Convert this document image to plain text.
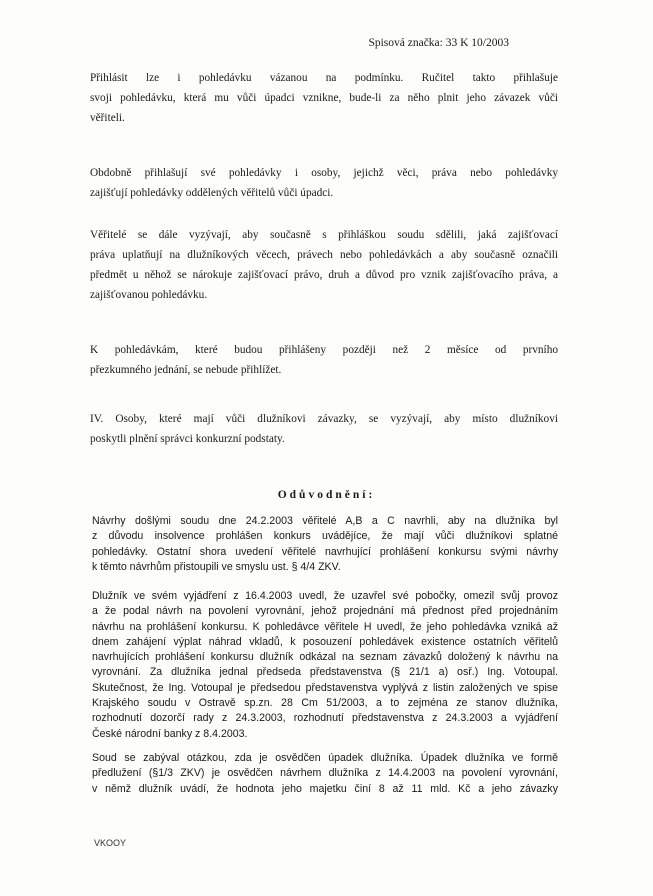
Spisová značka: 33 K 10/2003
Přihlásit lze i pohledávku vázanou na podmínku. Ručitel takto přihlašuje
svoji pohledávku, která mu vůči úpadci vznikne, bude-li za něho plnit jeho závazek vůči
věřiteli.
Obdobně přihlašují své pohledávky i osoby, jejichž věci, práva nebo pohledávky
zajišťují pohledávky oddělených věřitelů vůči úpadci.
Věřitelé se dále vyzývají, aby současně s přihláškou soudu sdělili, jaká zajišťovací
práva uplatňují na dlužníkových věcech, právech nebo pohledávkách a aby současně označili
předmět u něhož se nárokuje zajišťovací právo, druh a důvod pro vznik zajišťovacího práva, a
zajišťovanou pohledávku.
K pohledávkám, které budou přihlášeny později než 2 měsíce od prvního
přezkumného jednání, se nebude přihlížet.
IV. Osoby, které mají vůči dlužníkovi závazky, se vyzývají, aby místo dlužníkovi
poskytli plnění správci konkurzní podstaty.
Odůvodnění:
Návrhy došlými soudu dne 24.2.2003 věřitelé A,B a C navrhli, aby na dlužníka byl
z důvodu insolvence prohlášen konkurs uvádějíce, že mají vůči dlužníkovi splatné
pohledávky. Ostatní shora uvedení věřitelé navrhující prohlášení konkursu svými návrhy
k těmto návrhům přistoupili ve smyslu ust. § 4/4 ZKV.
Dlužník ve svém vyjádření z 16.4.2003 uvedl, že uzavřel své pobočky, omezil svůj provoz
a že podal návrh na povolení vyrovnání, jehož projednání má přednost před projednáním
návrhu na prohlášení konkursu. K pohledávce věřitele H uvedl, že jeho pohledávka vzniká až
dnem zahájení výplat náhrad vkladů, k posouzení pohledávek existence ostatních věřitelů
navrhujících prohlášení konkursu dlužník odkázal na seznam závazků doložený k návrhu na
vyrovnání. Za dlužníka jednal předseda představenstva (§ 21/1 a) osř.) Ing. Votoupal.
Skutečnost, že Ing. Votoupal je předsedou představenstva vyplývá z listin založených ve spise
Krajského soudu v Ostravě sp.zn. 28 Cm 51/2003, a to zejména ze stanov dlužníka,
rozhodnutí dozorčí rady z 24.3.2003, rozhodnutí představenstva z 24.3.2003 a vyjádření
České národní banky z 8.4.2003.
Soud se zabýval otázkou, zda je osvědčen úpadek dlužníka. Úpadek dlužníka ve formě
předlužení (§1/3 ZKV) je osvědčen návrhem dlužníka z 14.4.2003 na povolení vyrovnání,
v němž dlužník uvádí, že hodnota jeho majetku činí 8 až 11 mld. Kč a jeho závazky
VKOOY
